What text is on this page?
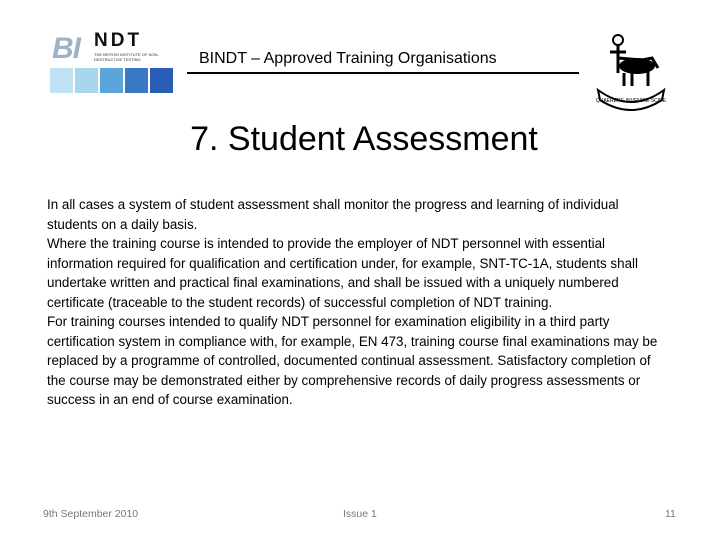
BI NDT
THE BRITISH INSTITUTE OF NON-DESTRUCTIVE TESTING	BINDT – Approved Training Organisations
QUAERERE·INVENIRE·SCIRE
7. Student Assessment

In all cases a system of student assessment shall monitor the progress and learning of individual students on a daily basis.

Where the training course is intended to provide the employer of NDT personnel with essential information required for qualification and certification under, for example, SNT-TC-1A, students shall undertake written and practical final examinations, and shall be issued with a uniquely numbered certificate (traceable to the student records) of successful completion of NDT training.

For training courses intended to qualify NDT personnel for examination eligibility in a third party certification system in compliance with, for example, EN 473, training course final examinations may be replaced by a programme of controlled, documented continual assessment. Satisfactory completion of the course may be demonstrated either by comprehensive records of daily progress assessments or success in an end of course examination.

9th September 2010	Issue 1	11
